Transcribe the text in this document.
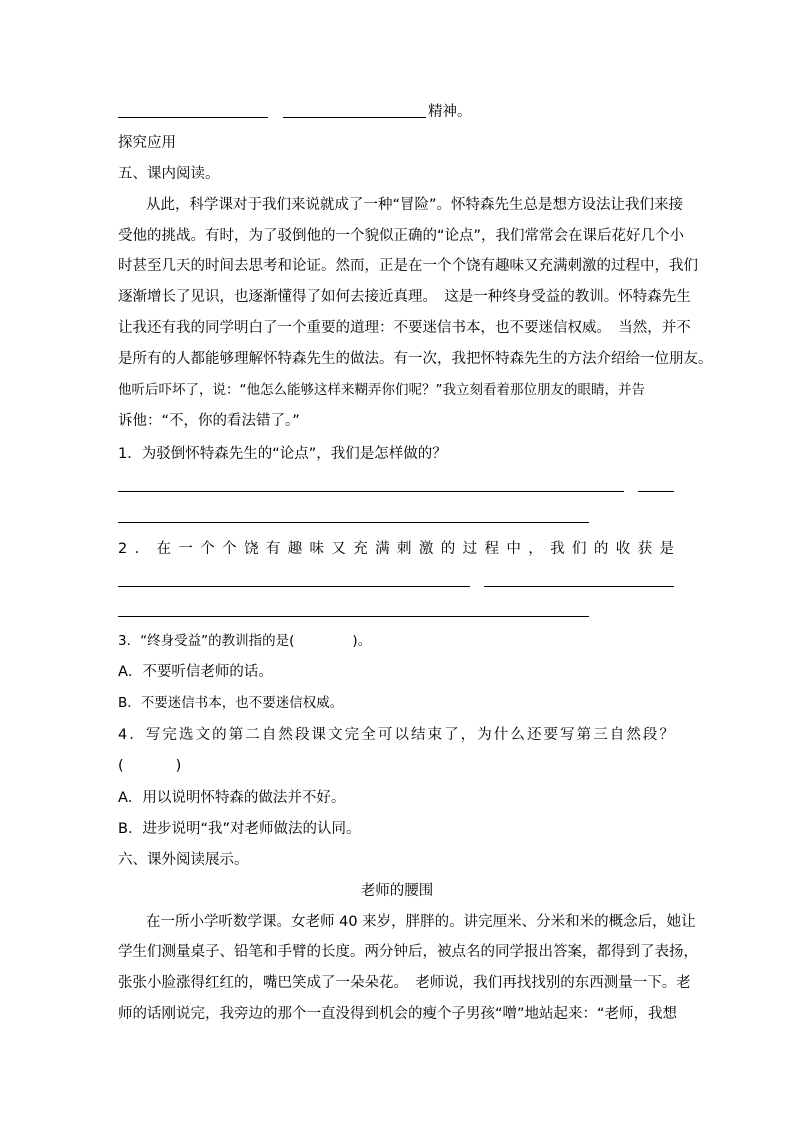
精神。
探究应用
五、课内阅读。
从此，科学课对于我们来说就成了一种“冒险”。怀特森先生总是想方设法让我们来接
受他的挑战。有时，为了驳倒他的一个貌似正确的“论点”，我们常常会在课后花好几个小
时甚至几天的时间去思考和论证。然而，正是在一个个饶有趣味又充满刺激的过程中，我们
逐渐增长了见识，也逐渐懂得了如何去接近真理。　这是一种终身受益的教训。怀特森先生
让我还有我的同学明白了一个重要的道理：不要迷信书本，也不要迷信权威。　当然，并不
是所有的人都能够理解怀特森先生的做法。有一次，我把怀特森先生的方法介绍给一位朋友。
他听后吓坏了，说：“他怎么能够这样来糊弄你们呢？”我立刻看着那位朋友的眼睛，并告
诉他：“不，你的看法错了。”
1．为驳倒怀特森先生的“论点”，我们是怎样做的？
2．在一个个饶有趣味又充满刺激的过程中，我们的收获是
3．“终身受益”的教训指的是(	)。
A．不要听信老师的话。
B．不要迷信书本，也不要迷信权威。
4．写完选文的第二自然段课文完全可以结束了，为什么还要写第三自然段？
(	)
A．用以说明怀特森的做法并不好。
B．进步说明“我”对老师做法的认同。
六、课外阅读展示。
老师的腰围
在一所小学听数学课。女老师 40 来岁，胖胖的。讲完厘米、分米和米的概念后，她让
学生们测量桌子、铅笔和手臂的长度。两分钟后，被点名的同学报出答案，都得到了表扬，
张张小脸涨得红红的，嘴巴笑成了一朵朵花。　老师说，我们再找找别的东西测量一下。老
师的话刚说完，我旁边的那个一直没得到机会的瘦个子男孩“噌”地站起来：“老师，我想
